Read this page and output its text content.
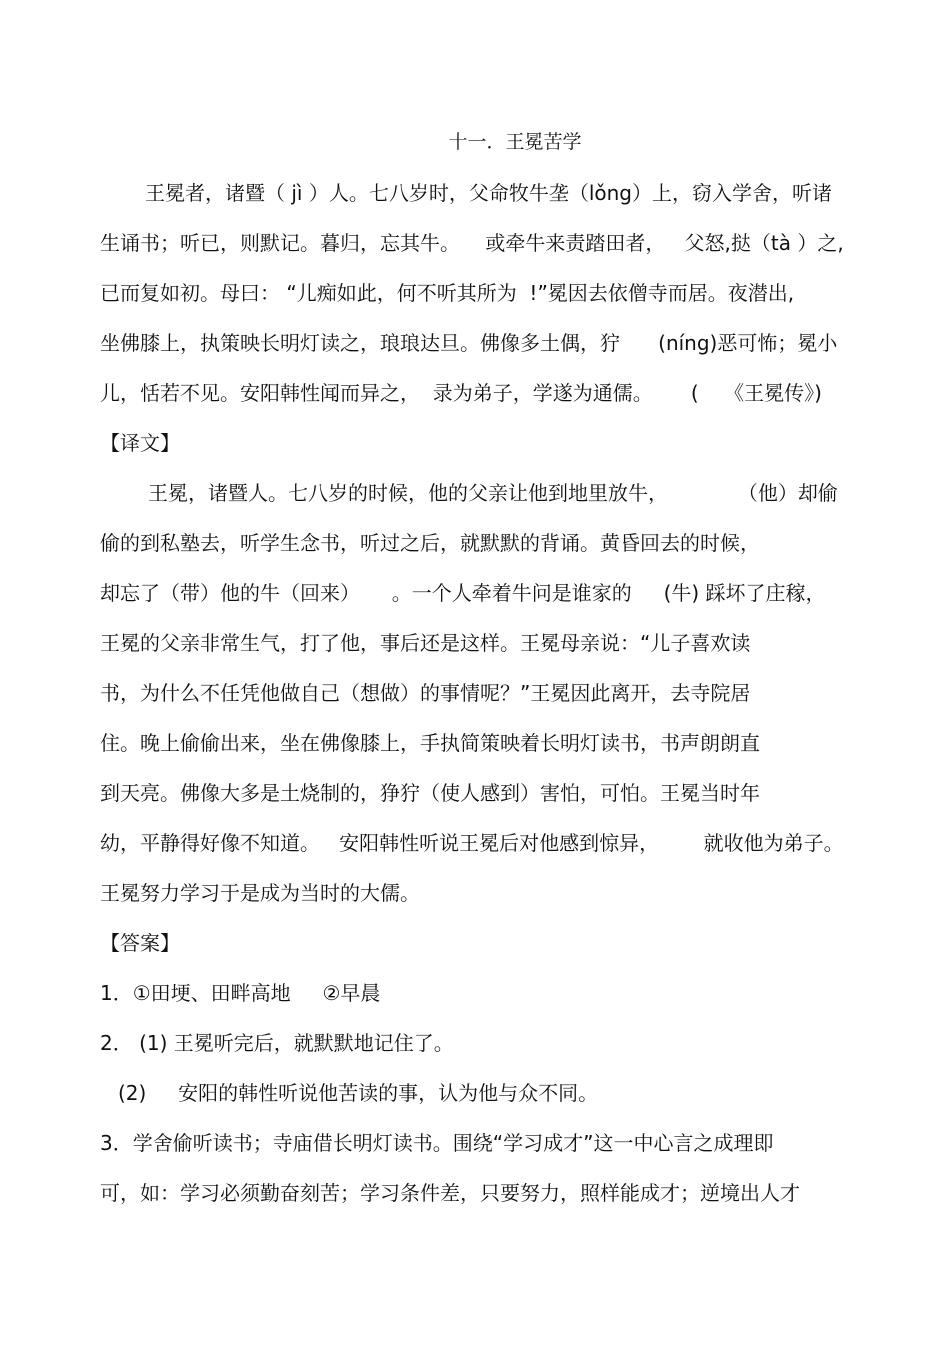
十一．王冕苦学
王冕者，诸暨（ jì ）人。七八岁时，父命牧牛垄（lǒng）上，窃入学舍，听诸
生诵书；听已，则默记。暮归，忘其牛。    或牵牛来责踏田者，   父怒,挞（tà ）之,
已而复如初。母曰： “儿痴如此，何不听其所为  !”冕因去依僧寺而居。夜潜出,
坐佛膝上，执策映长明灯读之，琅琅达旦。佛像多土偶，狞      (níng)恶可怖；冕小
儿，恬若不见。安阳韩性闻而异之，  录为弟子，学遂为通儒。      (    《王冕传》)
【译文】
王冕，诸暨人。七八岁的时候，他的父亲让他到地里放牛，           （他）却偷
偷的到私塾去，听学生念书，听过之后，就默默的背诵。黄昏回去的时候，
却忘了（带）他的牛（回来）     。一个人牵着牛问是谁家的     (牛) 踩坏了庄稼，
王冕的父亲非常生气，打了他，事后还是这样。王冕母亲说：“儿子喜欢读
书，为什么不任凭他做自己（想做）的事情呢？”王冕因此离开，去寺院居
住。晚上偷偷出来，坐在佛像膝上，手执简策映着长明灯读书，书声朗朗直
到天亮。佛像大多是土烧制的，狰狞（使人感到）害怕，可怕。王冕当时年
幼，平静得好像不知道。   安阳韩性听说王冕后对他感到惊异，       就收他为弟子。
王冕努力学习于是成为当时的大儒。
【答案】
1．①田埂、田畔高地     ②早晨
2． (1) 王冕听完后，就默默地记住了。
(2)     安阳的韩性听说他苦读的事，认为他与众不同。
3．学舍偷听读书；寺庙借长明灯读书。围绕“学习成才”这一中心言之成理即
可，如：学习必须勤奋刻苦；学习条件差，只要努力，照样能成才；逆境出人才
